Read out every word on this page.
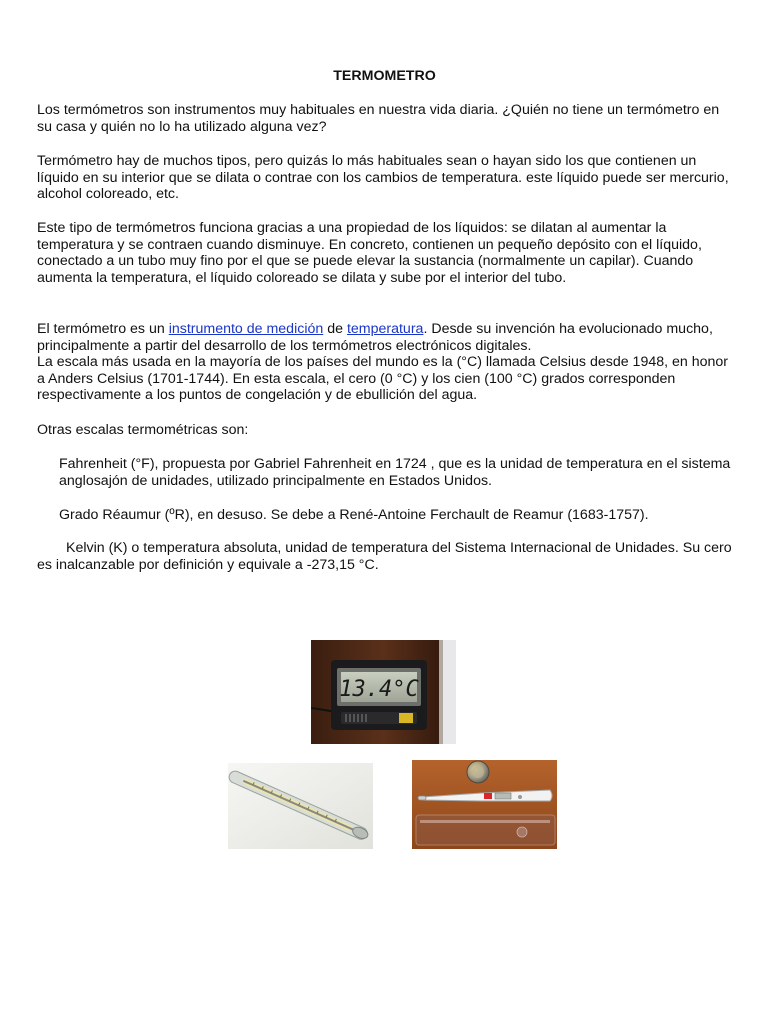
TERMOMETRO

Los termómetros son instrumentos muy habituales en nuestra vida diaria. ¿Quién no tiene un termómetro en su casa y quién no lo ha utilizado alguna vez?

Termómetro hay de muchos tipos, pero quizás lo más habituales sean o hayan sido los que contienen un líquido en su interior que se dilata o contrae con los cambios de temperatura. este líquido puede ser mercurio, alcohol coloreado, etc.

Este tipo de termómetros funciona gracias a una propiedad de los líquidos: se dilatan al aumentar la temperatura y se contraen cuando disminuye. En concreto, contienen un pequeño depósito con el líquido, conectado a un tubo muy fino por el que se puede elevar la sustancia (normalmente un capilar). Cuando aumenta la temperatura, el líquido coloreado se dilata y sube por el interior del tubo.

El termómetro es un instrumento de medición de temperatura. Desde su invención ha evolucionado mucho, principalmente a partir del desarrollo de los termómetros electrónicos digitales.

La escala más usada en la mayoría de los países del mundo es la (°C) llamada Celsius desde 1948, en honor a Anders Celsius (1701-1744). En esta escala, el cero (0 °C) y los cien (100 °C) grados corresponden respectivamente a los puntos de congelación y de ebullición del agua.

Otras escalas termométricas son:

Fahrenheit (°F), propuesta por Gabriel Fahrenheit en 1724 , que es la unidad de temperatura en el sistema anglosajón de unidades, utilizado principalmente en Estados Unidos.

Grado Réaumur (ºR), en desuso. Se debe a René-Antoine Ferchault de Reamur (1683-1757).

Kelvin (K) o temperatura absoluta, unidad de temperatura del Sistema Internacional de Unidades. Su cero es inalcanzable por definición y equivale a -273,15 °C.

13.4°C
